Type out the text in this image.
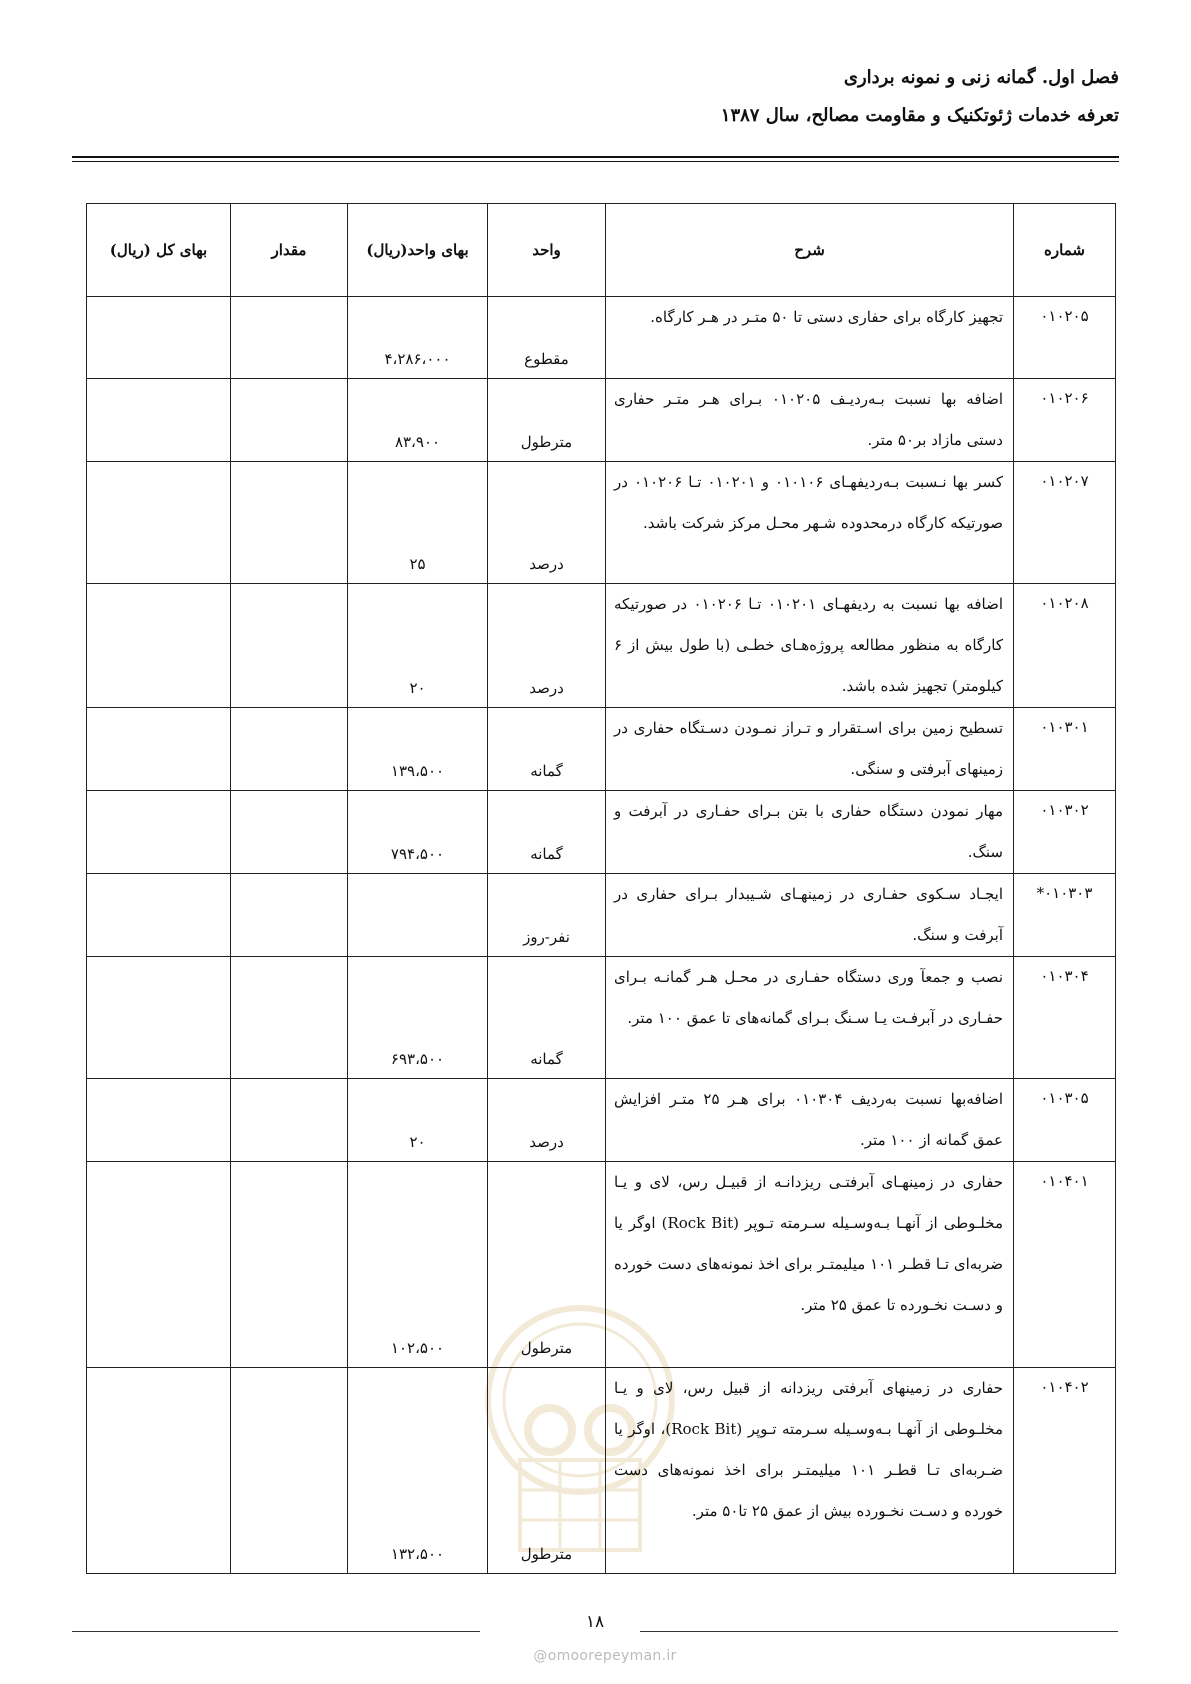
فصل اول. گمانه زنی و نمونه برداری
تعرفه خدمات ژئوتکنیک و مقاومت مصالح، سال ۱۳۸۷
شماره	شرح	واحد	بهای واحد(ریال)	مقدار	بهای کل (ریال)
۰۱۰۲۰۵	تجهیز کارگاه برای حفاری دستی تا ۵۰ متـر در هـر کارگاه.	مقطوع	۴،۲۸۶،۰۰۰		
۰۱۰۲۰۶	اضافه بها نسبت بـه‌ردیـف ۰۱۰۲۰۵ بـرای هـر متـر حفاری دستی مازاد بر۵۰ متر.	مترطول	۸۳،۹۰۰		
۰۱۰۲۰۷	کسر بها نـسبت بـه‌ردیفهـای ۰۱۰۱۰۶ و ۰۱۰۲۰۱ تـا ۰۱۰۲۰۶ در صورتیکه کارگاه درمحدوده شـهر محـل مرکز شرکت باشد.	درصد	۲۵		
۰۱۰۲۰۸	اضافه بها نسبت به ردیفهـای ۰۱۰۲۰۱ تـا ۰۱۰۲۰۶ در صورتیکه کارگاه به منظور مطالعه پروژه‌هـای خطـی (با طول بیش از ۶ کیلومتر) تجهیز شده باشد.	درصد	۲۰		
۰۱۰۳۰۱	تسطیح زمین برای اسـتقرار و تـراز نمـودن دسـتگاه حفاری در زمینهای آبرفتی و سنگی.	گمانه	۱۳۹،۵۰۰		
۰۱۰۳۰۲	مهار نمودن دستگاه حفاری با بتن بـرای حفـاری در آبرفت و سنگ.	گمانه	۷۹۴،۵۰۰		
۰۱۰۳۰۳*	ایجـاد سـکوی حفـاری در زمینهـای شـیبدار بـرای حفاری در آبرفت و سنگ.	نفر-روز			
۰۱۰۳۰۴	نصب و جمعآ وری دستگاه حفـاری در محـل هـر گمانـه بـرای حفـاری در آبرفـت یـا سـنگ بـرای گمانه‌های تا عمق ۱۰۰ متر.	گمانه	۶۹۳،۵۰۰		
۰۱۰۳۰۵	اضافه‌بها نسبت به‌ردیف ۰۱۰۳۰۴ برای هـر ۲۵ متـر افزایش عمق گمانه از ۱۰۰ متر.	درصد	۲۰		
۰۱۰۴۰۱	حفاری در زمینهـای آبرفتـی ریزدانـه از قبیـل رس، لای و یـا مخلـوطی از آنهـا بـه‌وسـیله سـرمته تـوپر (Rock Bit) اوگر یا ضربه‌ای تـا قطـر ۱۰۱ میلیمتـر برای اخذ نمونه‌های دست خورده و دسـت نخـورده تا عمق ۲۵ متر.	مترطول	۱۰۲،۵۰۰		
۰۱۰۴۰۲	حفاری در زمینهای آبرفتی ریزدانه از قبیل رس، لای و یـا مخلـوطی از آنهـا بـه‌وسـیله سـرمته تـوپر (Rock Bit)، اوگر یا ضـربه‌ای تـا قطـر ۱۰۱ میلیمتـر برای اخذ نمونه‌های دست خورده و دسـت نخـورده بیش از عمق ۲۵ تا۵۰ متر.	مترطول	۱۳۲،۵۰۰		
۱۸
@omoorepeyman.ir
